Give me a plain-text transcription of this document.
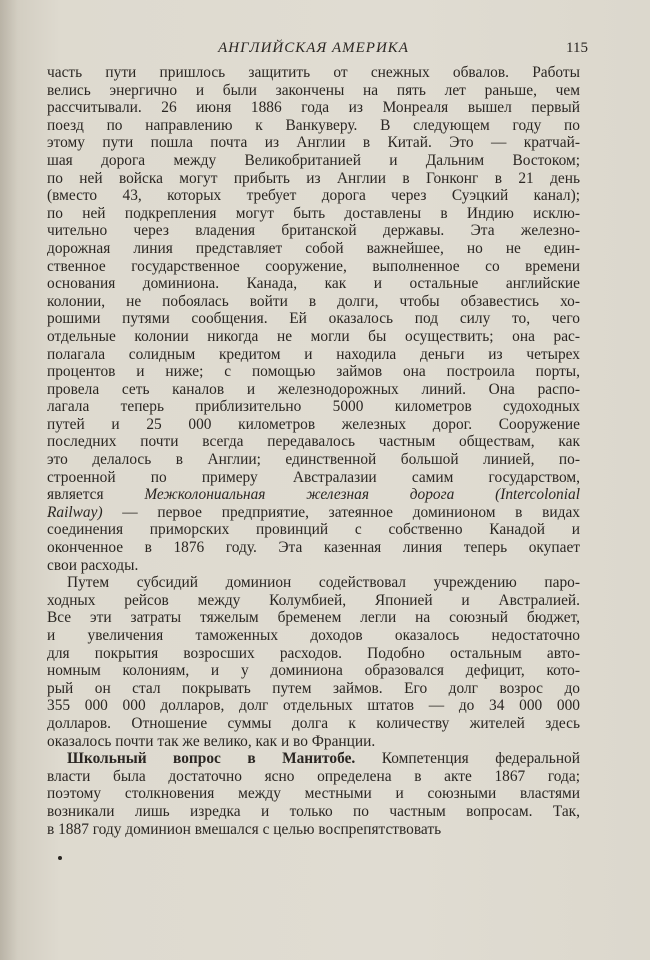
АНГЛИЙСКАЯ АМЕРИКА	115
часть пути пришлось защитить от снежных обвалов. Работы
велись энергично и были закончены на пять лет раньше, чем
рассчитывали. 26 июня 1886 года из Монреаля вышел первый
поезд по направлению к Ванкуверу. В следующем году по
этому пути пошла почта из Англии в Китай. Это — кратчай-
шая дорога между Великобританией и Дальним Востоком;
по ней войска могут прибыть из Англии в Гонконг в 21 день
(вместо 43, которых требует дорога через Суэцкий канал);
по ней подкрепления могут быть доставлены в Индию исклю-
чительно через владения британской державы. Эта железно-
дорожная линия представляет собой важнейшее, но не един-
ственное государственное сооружение, выполненное со времени
основания доминиона. Канада, как и остальные английские
колонии, не побоялась войти в долги, чтобы обзавестись хо-
рошими путями сообщения. Ей оказалось под силу то, чего
отдельные колонии никогда не могли бы осуществить; она рас-
полагала солидным кредитом и находила деньги из четырех
процентов и ниже; с помощью займов она построила порты,
провела сеть каналов и железнодорожных линий. Она распо-
лагала теперь приблизительно 5000 километров судоходных
путей и 25 000 километров железных дорог. Сооружение
последних почти всегда передавалось частным обществам, как
это делалось в Англии; единственной большой линией, по-
строенной по примеру Австралазии самим государством,
является Межколониальная железная дорога (Intercolonial
Railway) — первое предприятие, затеянное доминионом в видах
соединения приморских провинций с собственно Канадой и
оконченное в 1876 году. Эта казенная линия теперь окупает
свои расходы.
Путем субсидий доминион содействовал учреждению паро-
ходных рейсов между Колумбией, Японией и Австралией.
Все эти затраты тяжелым бременем легли на союзный бюджет,
и увеличения таможенных доходов оказалось недостаточно
для покрытия возросших расходов. Подобно остальным авто-
номным колониям, и у доминиона образовался дефицит, кото-
рый он стал покрывать путем займов. Его долг возрос до
355 000 000 долларов, долг отдельных штатов — до 34 000 000
долларов. Отношение суммы долга к количеству жителей здесь
оказалось почти так же велико, как и во Франции.
Школьный вопрос в Манитобе. Компетенция федеральной
власти была достаточно ясно определена в акте 1867 года;
поэтому столкновения между местными и союзными властями
возникали лишь изредка и только по частным вопросам. Так,
в 1887 году доминион вмешался с целью воспрепятствовать
